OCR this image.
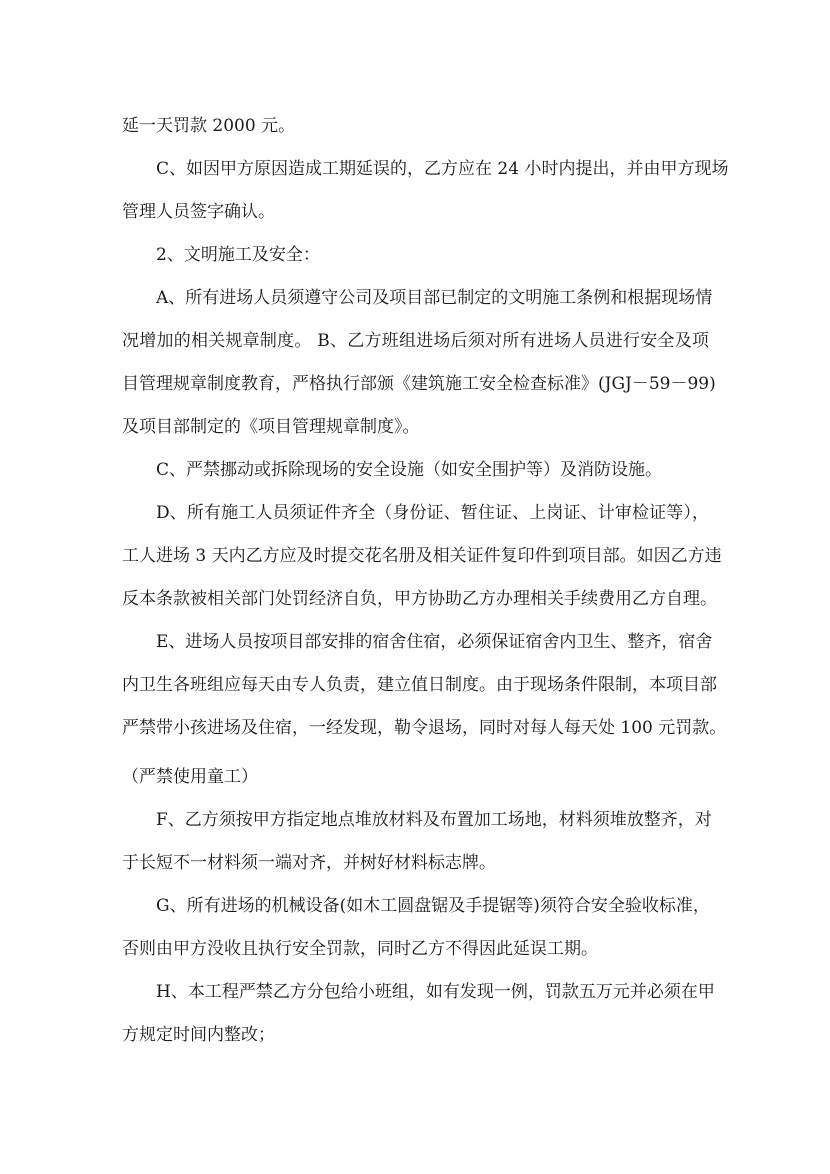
延一天罚款 2000 元。
C、如因甲方原因造成工期延误的，乙方应在 24 小时内提出，并由甲方现场
管理人员签字确认。
2、文明施工及安全：
A、所有进场人员须遵守公司及项目部已制定的文明施工条例和根据现场情
况增加的相关规章制度。 B、乙方班组进场后须对所有进场人员进行安全及项
目管理规章制度教育，严格执行部颁《建筑施工安全检查标准》(JGJ－59－99)
及项目部制定的《项目管理规章制度》。
C、严禁挪动或拆除现场的安全设施（如安全围护等）及消防设施。
D、所有施工人员须证件齐全（身份证、暂住证、上岗证、计审检证等），
工人进场 3 天内乙方应及时提交花名册及相关证件复印件到项目部。如因乙方违
反本条款被相关部门处罚经济自负，甲方协助乙方办理相关手续费用乙方自理。
E、进场人员按项目部安排的宿舍住宿，必须保证宿舍内卫生、整齐，宿舍
内卫生各班组应每天由专人负责，建立值日制度。由于现场条件限制，本项目部
严禁带小孩进场及住宿，一经发现，勒令退场，同时对每人每天处 100 元罚款。
（严禁使用童工）
F、乙方须按甲方指定地点堆放材料及布置加工场地，材料须堆放整齐，对
于长短不一材料须一端对齐，并树好材料标志牌。
G、所有进场的机械设备(如木工圆盘锯及手提锯等)须符合安全验收标准，
否则由甲方没收且执行安全罚款，同时乙方不得因此延误工期。
H、本工程严禁乙方分包给小班组，如有发现一例，罚款五万元并必须在甲
方规定时间内整改；
